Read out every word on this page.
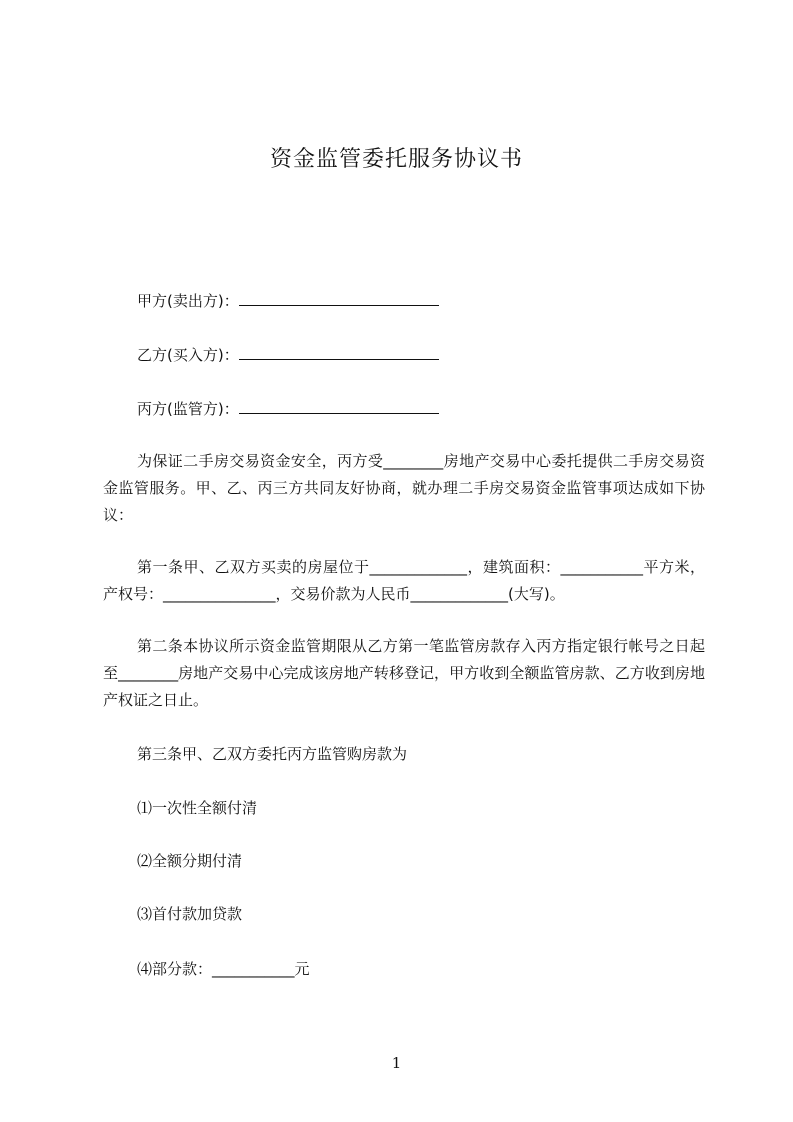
资金监管委托服务协议书
甲方(卖出方)：
乙方(买入方)：
丙方(监管方)：
为保证二手房交易资金安全，丙方受________房地产交易中心委托提供二手房交易资金监管服务。甲、乙、丙三方共同友好协商，就办理二手房交易资金监管事项达成如下协议：
第一条甲、乙双方买卖的房屋位于_____________，建筑面积：___________平方米，产权号：_______________，交易价款为人民币_____________(大写)。
第二条本协议所示资金监管期限从乙方第一笔监管房款存入丙方指定银行帐号之日起至________房地产交易中心完成该房地产转移登记，甲方收到全额监管房款、乙方收到房地产权证之日止。
第三条甲、乙双方委托丙方监管购房款为
⑴一次性全额付清
⑵全额分期付清
⑶首付款加贷款
⑷部分款：___________元
1
